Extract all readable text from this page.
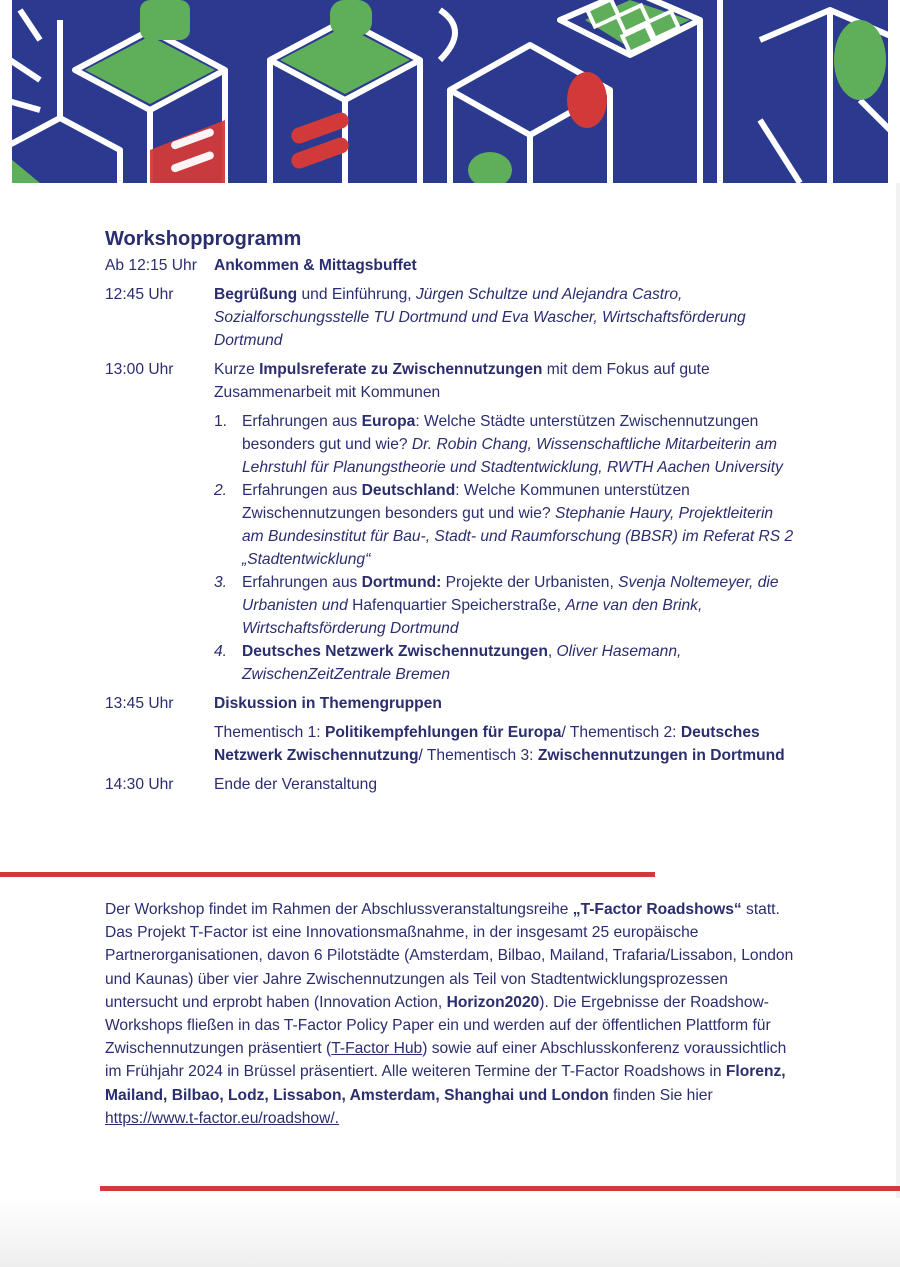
Workshopprogramm
Ab 12:15 Uhr	Ankommen & Mittagsbuffet
12:45 Uhr	Begrüßung und Einführung, Jürgen Schultze und Alejandra Castro, Sozialforschungsstelle TU Dortmund und Eva Wascher, Wirtschaftsförderung Dortmund
13:00 Uhr	Kurze Impulsreferate zu Zwischennutzungen mit dem Fokus auf gute Zusammenarbeit mit Kommunen
1. Erfahrungen aus Europa: Welche Städte unterstützen Zwischennutzungen besonders gut und wie? Dr. Robin Chang, Wissenschaftliche Mitarbeiterin am Lehrstuhl für Planungstheorie und Stadtentwicklung, RWTH Aachen University
2. Erfahrungen aus Deutschland: Welche Kommunen unterstützen Zwischennutzungen besonders gut und wie? Stephanie Haury, Projektleiterin am Bundesinstitut für Bau-, Stadt- und Raumforschung (BBSR) im Referat RS 2 „Stadtentwicklung“
3. Erfahrungen aus Dortmund: Projekte der Urbanisten, Svenja Noltemeyer, die Urbanisten und Hafenquartier Speicherstraße, Arne van den Brink, Wirtschaftsförderung Dortmund
4. Deutsches Netzwerk Zwischennutzungen, Oliver Hasemann, ZwischenZeitZentrale Bremen
13:45 Uhr	Diskussion in Themengruppen
Thementisch 1: Politikempfehlungen für Europa/ Thementisch 2: Deutsches Netzwerk Zwischennutzung/ Thementisch 3: Zwischennutzungen in Dortmund
14:30 Uhr	Ende der Veranstaltung

Der Workshop findet im Rahmen der Abschlussveranstaltungsreihe „T-Factor Roadshows“ statt. Das Projekt T-Factor ist eine Innovationsmaßnahme, in der insgesamt 25 europäische Partnerorganisationen, davon 6 Pilotstädte (Amsterdam, Bilbao, Mailand, Trafaria/Lissabon, London und Kaunas) über vier Jahre Zwischennutzungen als Teil von Stadtentwicklungsprozessen untersucht und erprobt haben (Innovation Action, Horizon2020). Die Ergebnisse der Roadshow-Workshops fließen in das T-Factor Policy Paper ein und werden auf der öffentlichen Plattform für Zwischennutzungen präsentiert (T-Factor Hub) sowie auf einer Abschlusskonferenz voraussichtlich im Frühjahr 2024 in Brüssel präsentiert. Alle weiteren Termine der T-Factor Roadshows in Florenz, Mailand, Bilbao, Lodz, Lissabon, Amsterdam, Shanghai und London finden Sie hier https://www.t-factor.eu/roadshow/.
